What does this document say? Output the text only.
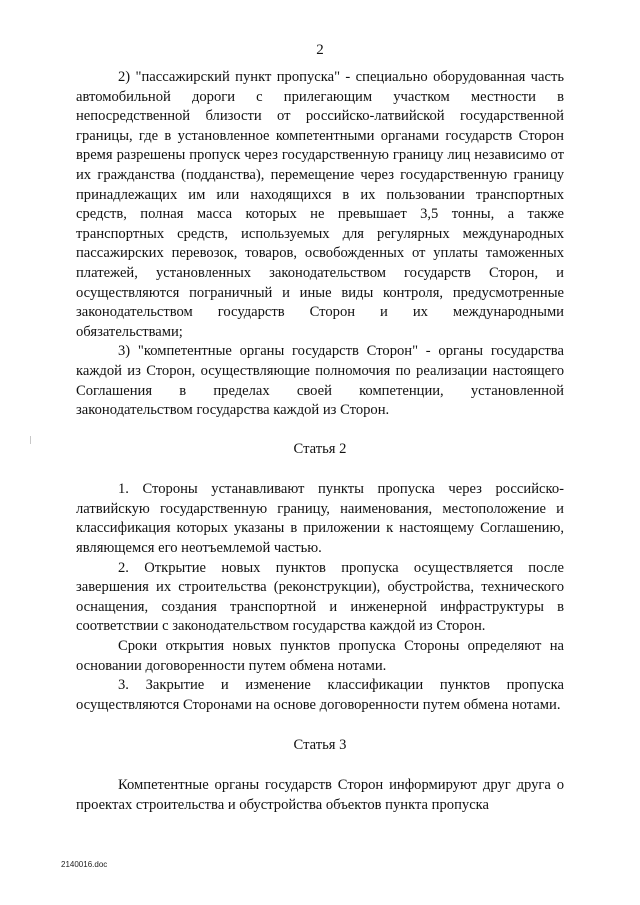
2

2) "пассажирский пункт пропуска" - специально оборудованная часть автомобильной дороги с прилегающим участком местности в непосредственной близости от российско-латвийской государственной границы, где в установленное компетентными органами государств Сторон время разрешены пропуск через государственную границу лиц независимо от их гражданства (подданства), перемещение через государственную границу принадлежащих им или находящихся в их пользовании транспортных средств, полная масса которых не превышает 3,5 тонны, а также транспортных средств, используемых для регулярных международных пассажирских перевозок, товаров, освобожденных от уплаты таможенных платежей, установленных законодательством государств Сторон, и осуществляются пограничный и иные виды контроля, предусмотренные законодательством государств Сторон и их международными обязательствами;

3) "компетентные органы государств Сторон" - органы государства каждой из Сторон, осуществляющие полномочия по реализации настоящего Соглашения в пределах своей компетенции, установленной законодательством государства каждой из Сторон.

Статья 2

1. Стороны устанавливают пункты пропуска через российско-латвийскую государственную границу, наименования, местоположение и классификация которых указаны в приложении к настоящему Соглашению, являющемся его неотъемлемой частью.

2. Открытие новых пунктов пропуска осуществляется после завершения их строительства (реконструкции), обустройства, технического оснащения, создания транспортной и инженерной инфраструктуры в соответствии с законодательством государства каждой из Сторон.

Сроки открытия новых пунктов пропуска Стороны определяют на основании договоренности путем обмена нотами.

3. Закрытие и изменение классификации пунктов пропуска осуществляются Сторонами на основе договоренности путем обмена нотами.

Статья 3

Компетентные органы государств Сторон информируют друг друга о проектах строительства и обустройства объектов пункта пропуска

2140016.doc
